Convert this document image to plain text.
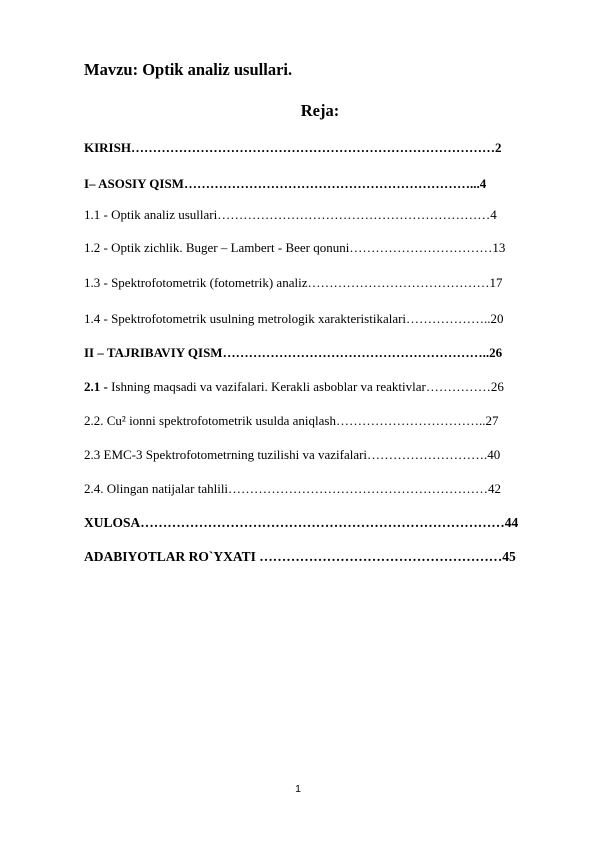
Mavzu: Optik analiz usullari.
Reja:
KIRISH…………………………………………………………………………2
I– ASOSIY QISM…………………………………………………………...4
1.1 - Optik analiz usullari………………………………………………………4
1.2 - Optik zichlik. Buger – Lambert - Beer qonuni……………………………13
1.3 - Spektrofotometrik (fotometrik) analiz……………………………………17
1.4 - Spektrofotometrik usulning metrologik xarakteristikalari………………..20
II – TAJRIBAVIY QISM……………………………………………………..26
2.1 - Ishning maqsadi va vazifalari. Kerakli asboblar va reaktivlar……………26
2.2. Cu² ionni spektrofotometrik usulda aniqlash……………………………..27
2.3 EMC-3 Spektrofotometrning tuzilishi va vazifalari……………………….40
2.4. Olingan natijalar tahlili……………………………………………………42
XULOSA………………………………………………………………………44
ADABIYOTLAR RO`YXATI ………………………………………………45
1
